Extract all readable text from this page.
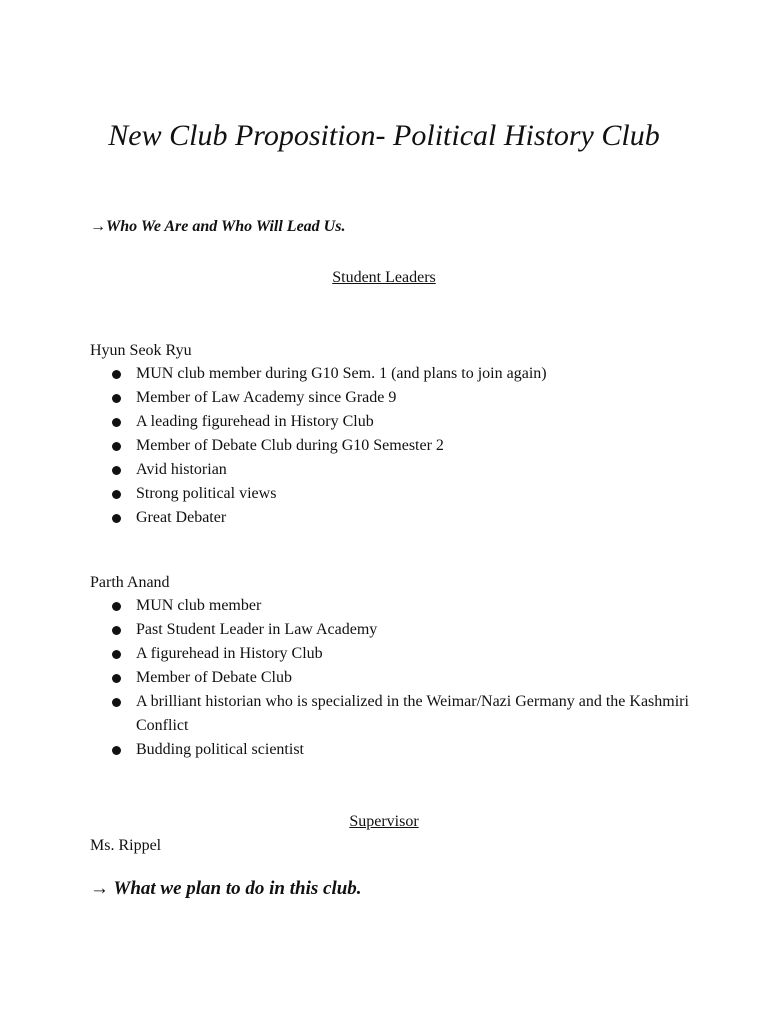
New Club Proposition- Political History Club

→Who We Are and Who Will Lead Us.

Student Leaders

Hyun Seok Ryu

MUN club member during G10 Sem. 1 (and plans to join again)
Member of Law Academy since Grade 9
A leading figurehead in History Club
Member of Debate Club during G10 Semester 2
Avid historian
Strong political views
Great Debater

Parth Anand

MUN club member
Past Student Leader in Law Academy
A figurehead in History Club
Member of Debate Club
A brilliant historian who is specialized in the Weimar/Nazi Germany and the Kashmiri Conflict
Budding political scientist

Supervisor

Ms. Rippel

→ What we plan to do in this club.
